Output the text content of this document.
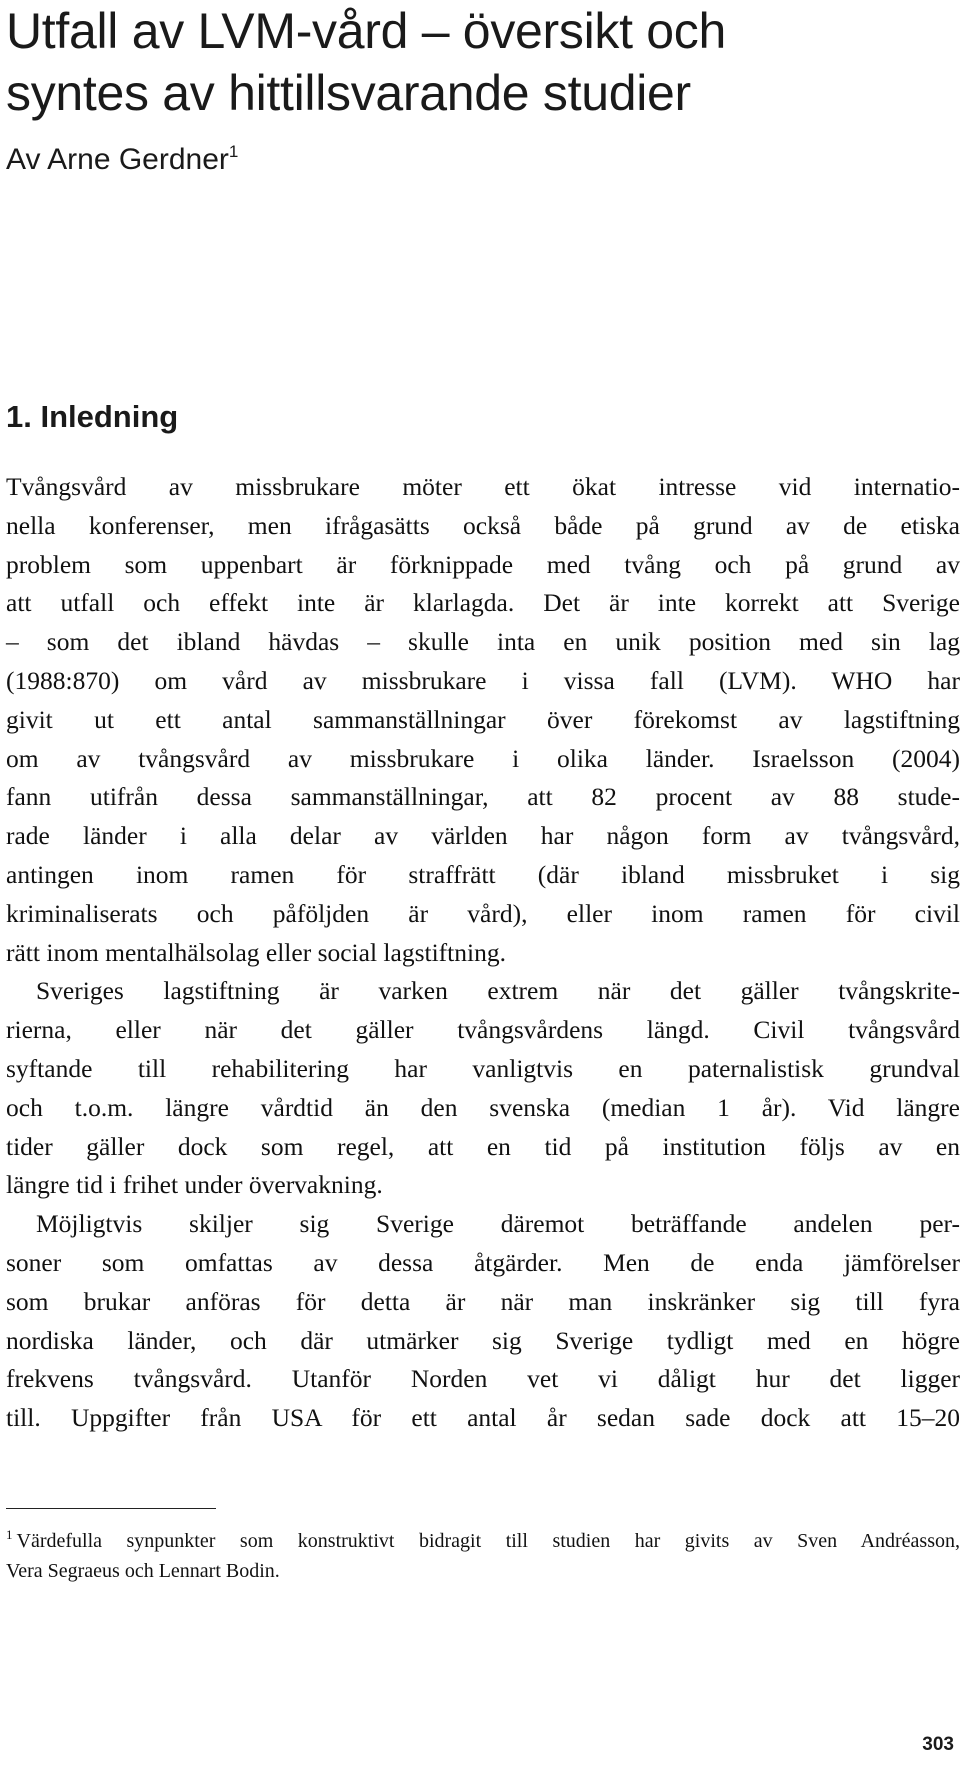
Utfall av LVM-vård – översikt och
syntes av hittillsvarande studier
Av Arne Gerdner$^1$
1. Inledning
Tvångsvård av missbrukare möter ett ökat intresse vid internatio-
nella konferenser, men ifrågasätts också både på grund av de etiska
problem som uppenbart är förknippade med tvång och på grund av
att utfall och effekt inte är klarlagda. Det är inte korrekt att Sverige
– som det ibland hävdas – skulle inta en unik position med sin lag
(1988:870) om vård av missbrukare i vissa fall (LVM). WHO har
givit ut ett antal sammanställningar över förekomst av lagstiftning
om av tvångsvård av missbrukare i olika länder. Israelsson (2004)
fann utifrån dessa sammanställningar, att 82 procent av 88 stude-
rade länder i alla delar av världen har någon form av tvångsvård,
antingen inom ramen för straffrätt (där ibland missbruket i sig
kriminaliserats och påföljden är vård), eller inom ramen för civil
rätt inom mentalhälsolag eller social lagstiftning.
Sveriges lagstiftning är varken extrem när det gäller tvångskrite-
rierna, eller när det gäller tvångsvårdens längd. Civil tvångsvård
syftande till rehabilitering har vanligtvis en paternalistisk grundval
och t.o.m. längre vårdtid än den svenska (median 1 år). Vid längre
tider gäller dock som regel, att en tid på institution följs av en
längre tid i frihet under övervakning.
Möjligtvis skiljer sig Sverige däremot beträffande andelen per-
soner som omfattas av dessa åtgärder. Men de enda jämförelser
som brukar anföras för detta är när man inskränker sig till fyra
nordiska länder, och där utmärker sig Sverige tydligt med en högre
frekvens tvångsvård. Utanför Norden vet vi dåligt hur det ligger
till. Uppgifter från USA för ett antal år sedan sade dock att 15–20
$^1$ Värdefulla synpunkter som konstruktivt bidragit till studien har givits av Sven Andréasson,
Vera Segraeus och Lennart Bodin.
303
